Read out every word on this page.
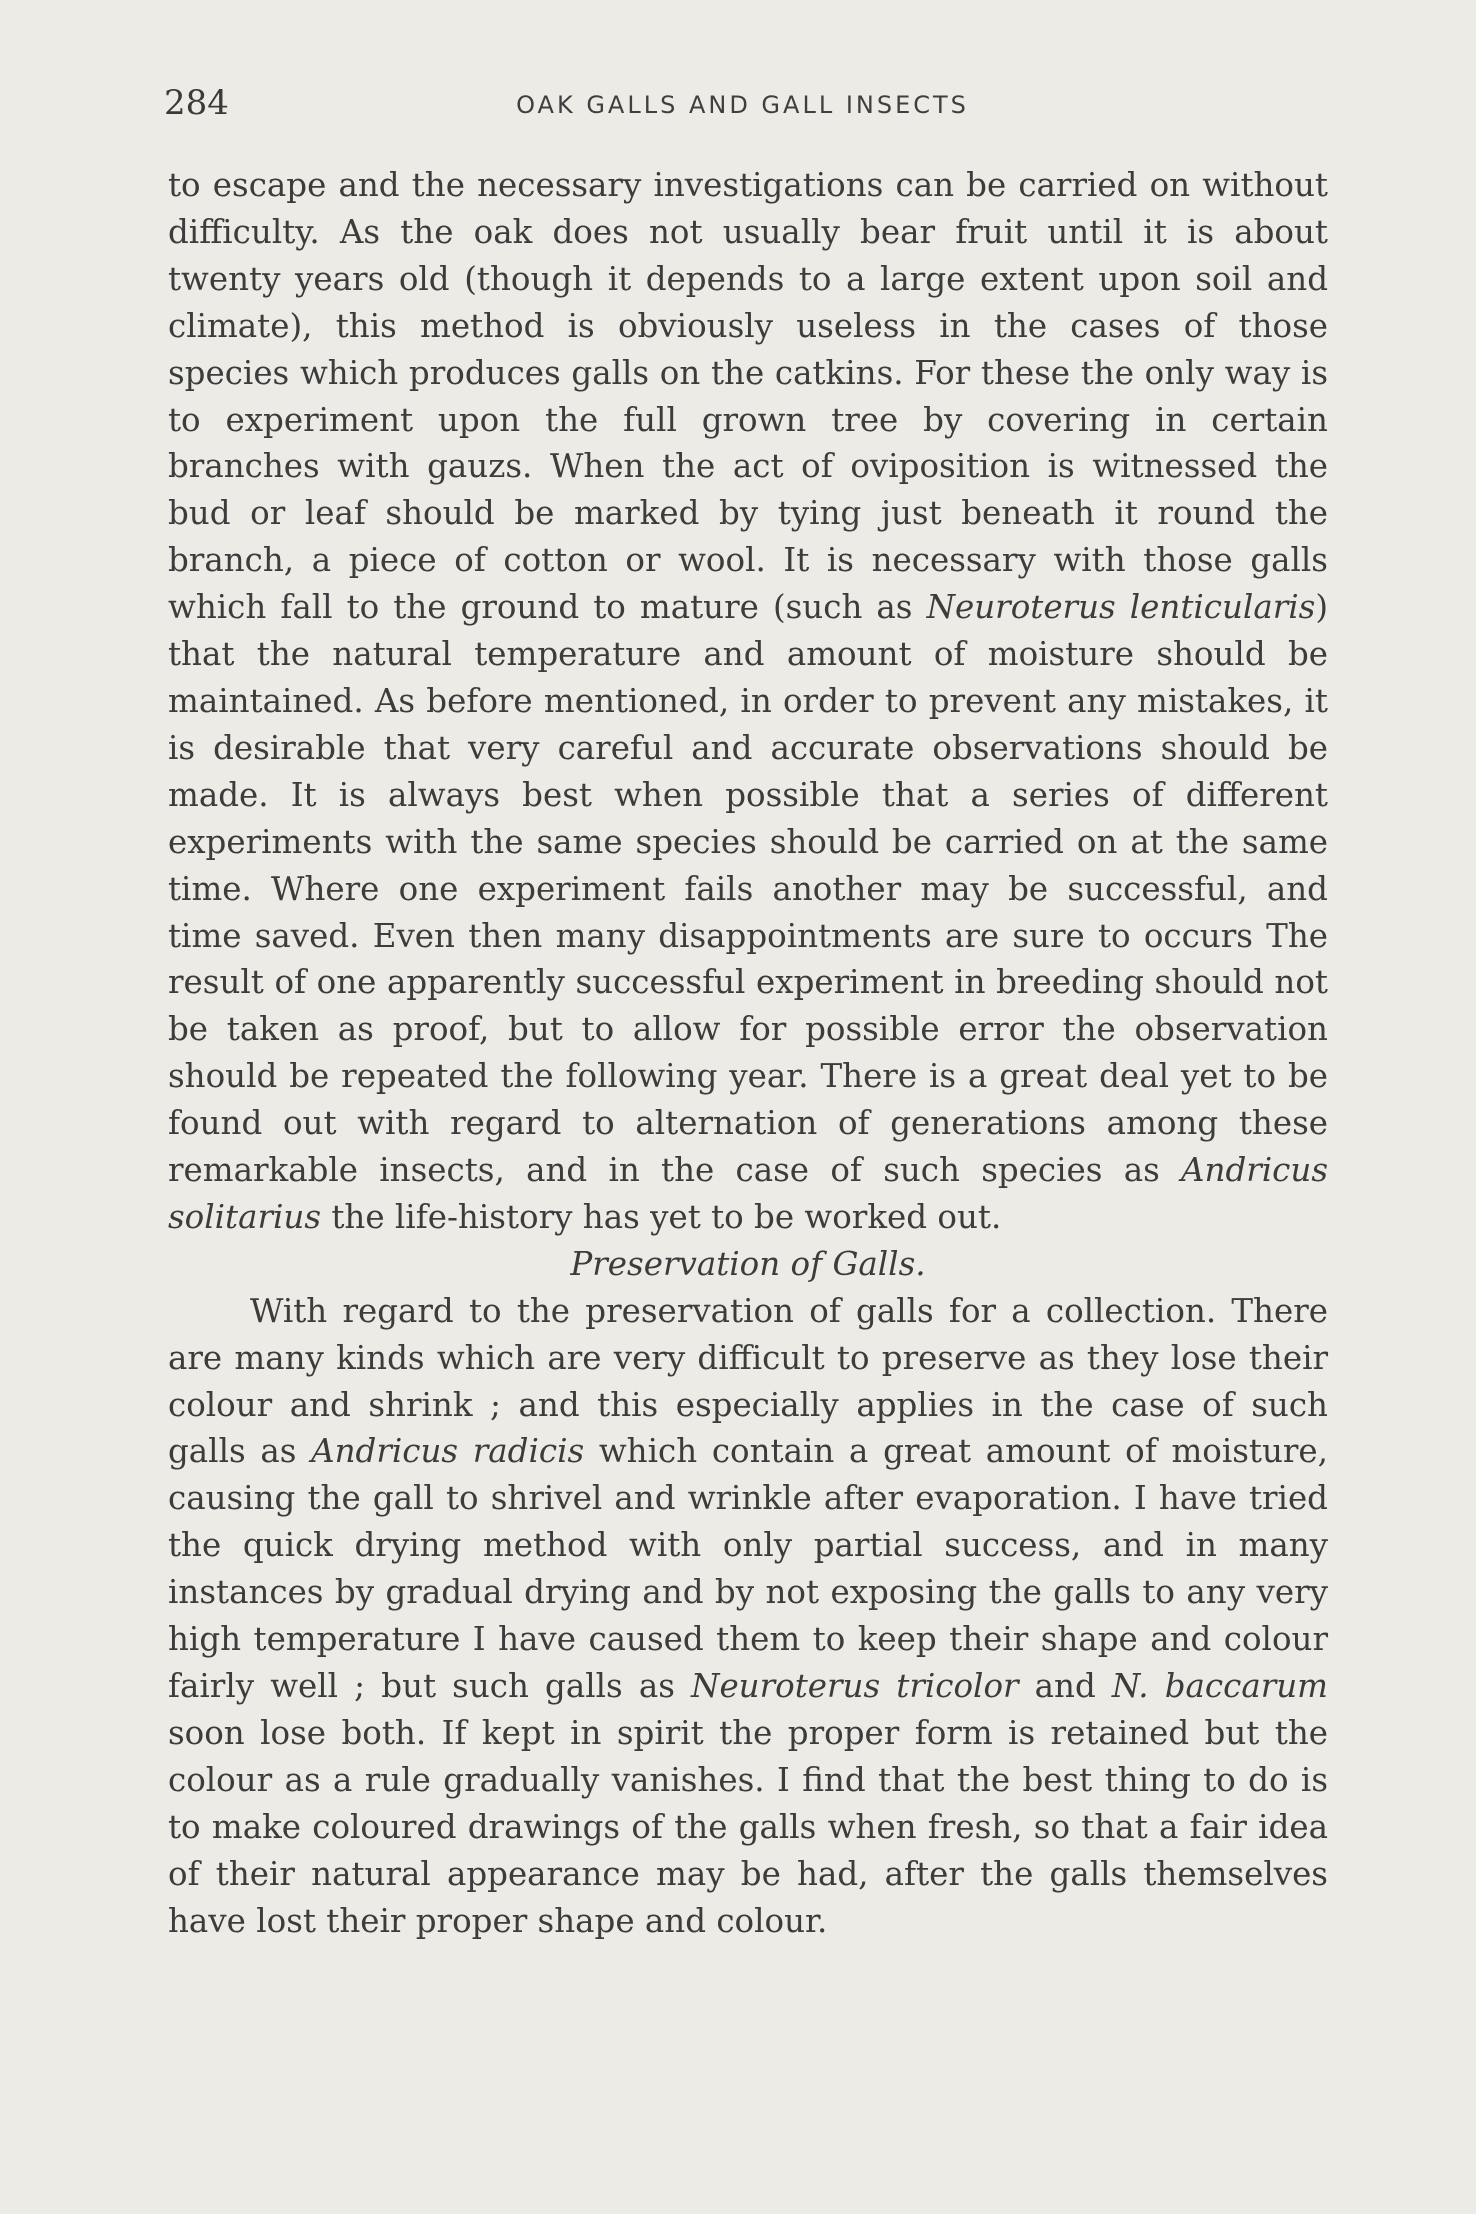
284	OAK GALLS AND GALL INSECTS

to escape and the necessary investigations can be carried on without difficulty. As the oak does not usually bear fruit until it is about twenty years old (though it depends to a large extent upon soil and climate), this method is obviously useless in the cases of those species which produces galls on the catkins. For these the only way is to experiment upon the full grown tree by covering in certain branches with gauzs. When the act of oviposition is witnessed the bud or leaf should be marked by tying just beneath it round the branch, a piece of cotton or wool. It is necessary with those galls which fall to the ground to mature (such as Neuroterus lenticularis) that the natural temperature and amount of moisture should be maintained. As before mentioned, in order to prevent any mistakes, it is desirable that very careful and accurate observations should be made. It is always best when possible that a series of different experiments with the same species should be carried on at the same time. Where one experiment fails another may be successful, and time saved. Even then many disappointments are sure to occurs The result of one apparently successful experiment in breeding should not be taken as proof, but to allow for possible error the observation should be repeated the following year. There is a great deal yet to be found out with regard to alternation of generations among these remarkable insects, and in the case of such species as Andricus solitarius the life-history has yet to be worked out.

Preservation of Galls.

With regard to the preservation of galls for a collection. There are many kinds which are very difficult to preserve as they lose their colour and shrink ; and this especially applies in the case of such galls as Andricus radicis which contain a great amount of moisture, causing the gall to shrivel and wrinkle after evaporation. I have tried the quick drying method with only partial success, and in many instances by gradual drying and by not exposing the galls to any very high temperature I have caused them to keep their shape and colour fairly well ; but such galls as Neuroterus tricolor and N. baccarum soon lose both. If kept in spirit the proper form is retained but the colour as a rule gradually vanishes. I find that the best thing to do is to make coloured drawings of the galls when fresh, so that a fair idea of their natural appearance may be had, after the galls themselves have lost their proper shape and colour.
